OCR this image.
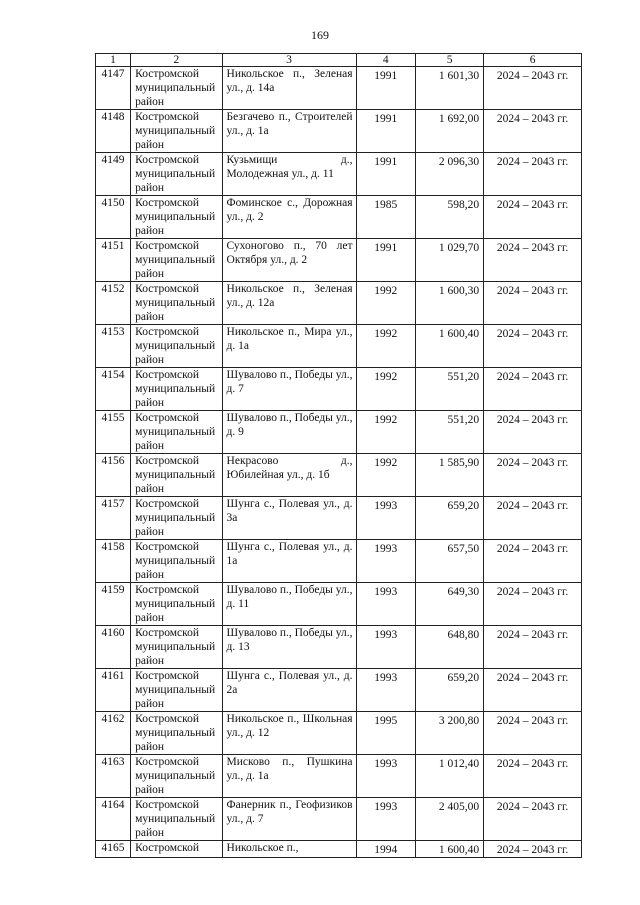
169
1	2	3	4	5	6
4147	Костромской муниципальный район	Никольское п., Зеленая ул., д. 14а	1991	1 601,30	2024 – 2043 гг.
4148	Костромской муниципальный район	Безгачево п., Строителей ул., д. 1а	1991	1 692,00	2024 – 2043 гг.
4149	Костромской муниципальный район	Кузьмищи д., Молодежная ул., д. 11	1991	2 096,30	2024 – 2043 гг.
4150	Костромской муниципальный район	Фоминское с., Дорожная ул., д. 2	1985	598,20	2024 – 2043 гг.
4151	Костромской муниципальный район	Сухоногово п., 70 лет Октября ул., д. 2	1991	1 029,70	2024 – 2043 гг.
4152	Костромской муниципальный район	Никольское п., Зеленая ул., д. 12а	1992	1 600,30	2024 – 2043 гг.
4153	Костромской муниципальный район	Никольское п., Мира ул., д. 1а	1992	1 600,40	2024 – 2043 гг.
4154	Костромской муниципальный район	Шувалово п., Победы ул., д. 7	1992	551,20	2024 – 2043 гг.
4155	Костромской муниципальный район	Шувалово п., Победы ул., д. 9	1992	551,20	2024 – 2043 гг.
4156	Костромской муниципальный район	Некрасово д., Юбилейная ул., д. 1б	1992	1 585,90	2024 – 2043 гг.
4157	Костромской муниципальный район	Шунга с., Полевая ул., д. 3а	1993	659,20	2024 – 2043 гг.
4158	Костромской муниципальный район	Шунга с., Полевая ул., д. 1а	1993	657,50	2024 – 2043 гг.
4159	Костромской муниципальный район	Шувалово п., Победы ул., д. 11	1993	649,30	2024 – 2043 гг.
4160	Костромской муниципальный район	Шувалово п., Победы ул., д. 13	1993	648,80	2024 – 2043 гг.
4161	Костромской муниципальный район	Шунга с., Полевая ул., д. 2а	1993	659,20	2024 – 2043 гг.
4162	Костромской муниципальный район	Никольское п., Школьная ул., д. 12	1995	3 200,80	2024 – 2043 гг.
4163	Костромской муниципальный район	Мисково п., Пушкина ул., д. 1а	1993	1 012,40	2024 – 2043 гг.
4164	Костромской муниципальный район	Фанерник п., Геофизиков ул., д. 7	1993	2 405,00	2024 – 2043 гг.
4165	Костромской	Никольское п.,	1994	1 600,40	2024 – 2043 гг.
